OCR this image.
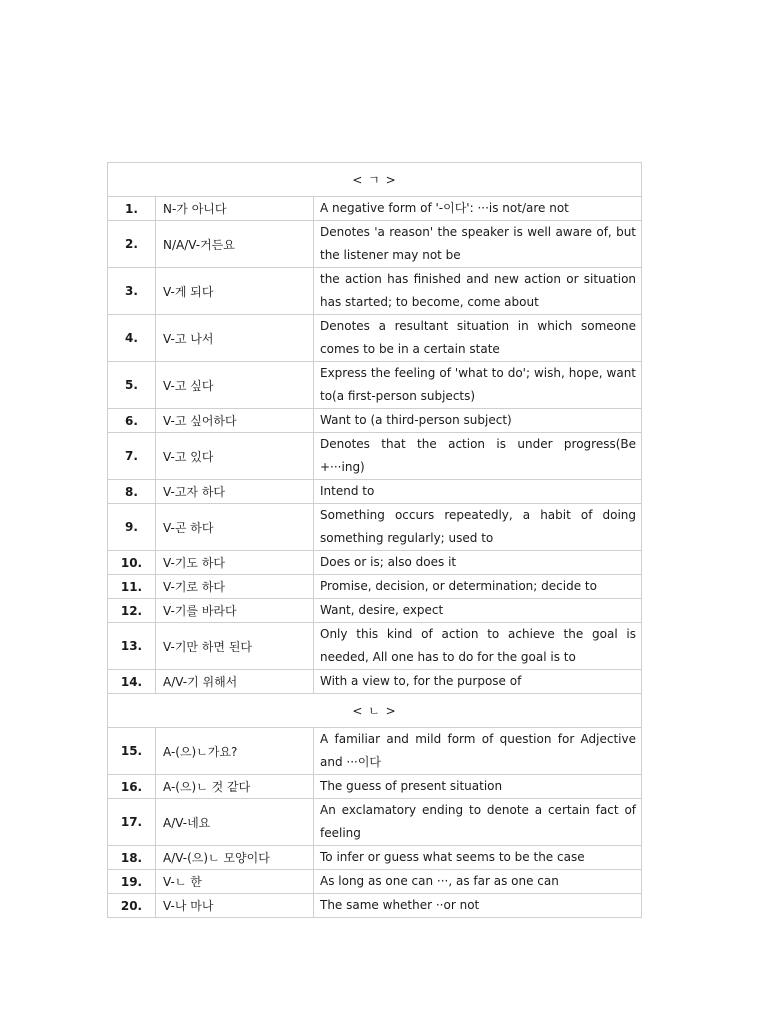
< ㄱ >		
1.	N-가 아니다	A negative form of '-이다': ···is not/are not
2.	N/A/V-거든요	Denotes 'a reason' the speaker is well aware of, but the listener may not be
3.	V-게 되다	the action has finished and new action or situation has started; to become, come about
4.	V-고 나서	Denotes a resultant situation in which someone comes to be in a certain state
5.	V-고 싶다	Express the feeling of 'what to do'; wish, hope, want to(a first-person subjects)
6.	V-고 싶어하다	Want to (a third-person subject)
7.	V-고 있다	Denotes that the action is under progress(Be +···ing)
8.	V-고자 하다	Intend to
9.	V-곤 하다	Something occurs repeatedly, a habit of doing something regularly; used to
10.	V-기도 하다	Does or is; also does it
11.	V-기로 하다	Promise, decision, or determination; decide to
12.	V-기를 바라다	Want, desire, expect
13.	V-기만 하면 된다	Only this kind of action to achieve the goal is needed, All one has to do for the goal is to
14.	A/V-기 위해서	With a view to, for the purpose of
< ㄴ >		
15.	A-(으)ㄴ가요?	A familiar and mild form of question for Adjective and ···이다
16.	A-(으)ㄴ 것 같다	The guess of present situation
17.	A/V-네요	An exclamatory ending to denote a certain fact of feeling
18.	A/V-(으)ㄴ 모양이다	To infer or guess what seems to be the case
19.	V-ㄴ 한	As long as one can ···, as far as one can
20.	V-나 마나	The same whether ··or not
